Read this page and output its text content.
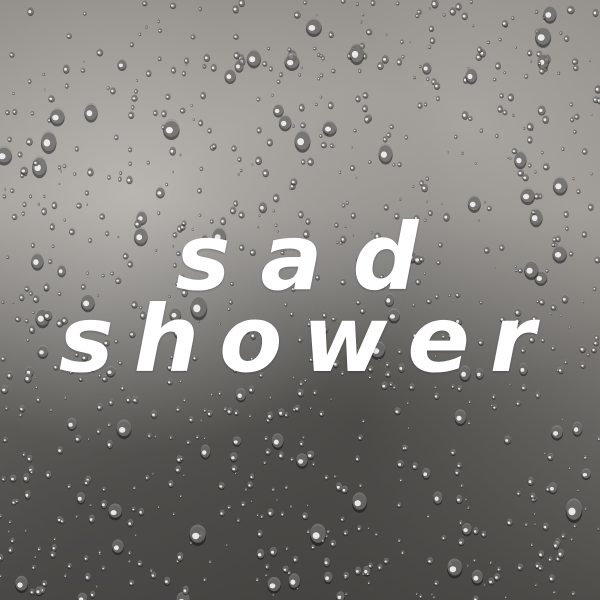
sad
shower
